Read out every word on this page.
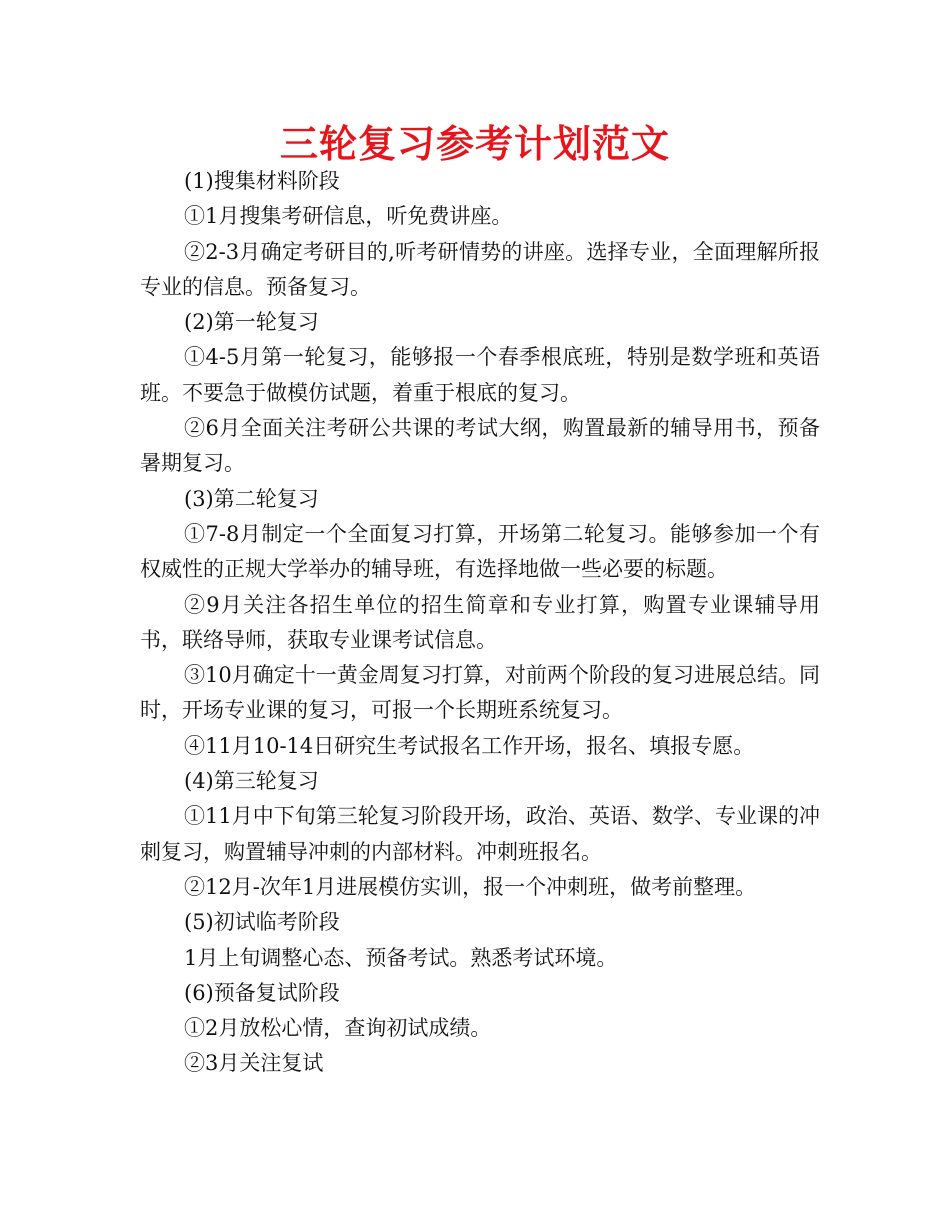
三轮复习参考计划范文

(1)搜集材料阶段

①1月搜集考研信息，听免费讲座。

②2-3月确定考研目的,听考研情势的讲座。选择专业，全面理解所报专业的信息。预备复习。

(2)第一轮复习

①4-5月第一轮复习，能够报一个春季根底班，特别是数学班和英语班。不要急于做模仿试题，着重于根底的复习。

②6月全面关注考研公共课的考试大纲，购置最新的辅导用书，预备暑期复习。

(3)第二轮复习

①7-8月制定一个全面复习打算，开场第二轮复习。能够参加一个有权威性的正规大学举办的辅导班，有选择地做一些必要的标题。

②9月关注各招生单位的招生简章和专业打算，购置专业课辅导用书，联络导师，获取专业课考试信息。

③10月确定十一黄金周复习打算，对前两个阶段的复习进展总结。同时，开场专业课的复习，可报一个长期班系统复习。

④11月10-14日研究生考试报名工作开场，报名、填报专愿。

(4)第三轮复习

①11月中下旬第三轮复习阶段开场，政治、英语、数学、专业课的冲刺复习，购置辅导冲刺的内部材料。冲刺班报名。

②12月-次年1月进展模仿实训，报一个冲刺班，做考前整理。

(5)初试临考阶段

1月上旬调整心态、预备考试。熟悉考试环境。

(6)预备复试阶段

①2月放松心情，查询初试成绩。

②3月关注复试
